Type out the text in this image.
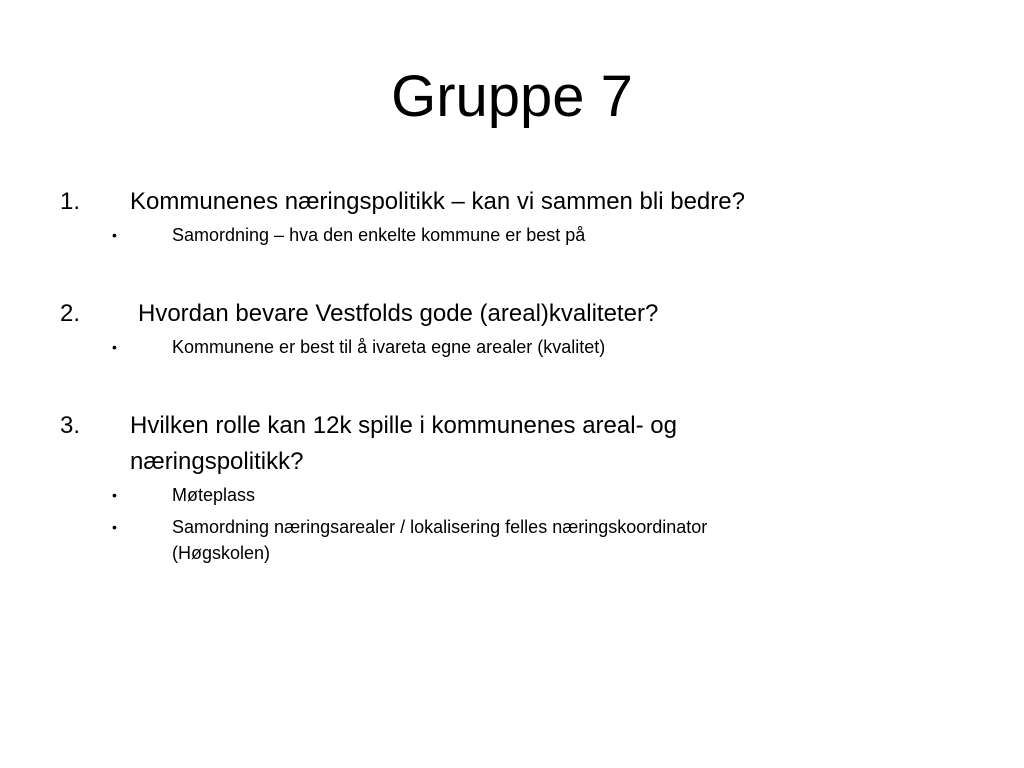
Gruppe 7
1.	Kommunenes næringspolitikk – kan vi sammen bli bedre?
•	Samordning – hva den enkelte kommune er best på
2.	Hvordan bevare Vestfolds gode (areal)kvaliteter?
•	Kommunene er best til å ivareta egne arealer (kvalitet)
3.	Hvilken rolle kan 12k spille i kommunenes areal- og
næringspolitikk?
•	Møteplass
•	Samordning næringsarealer / lokalisering felles næringskoordinator
(Høgskolen)
